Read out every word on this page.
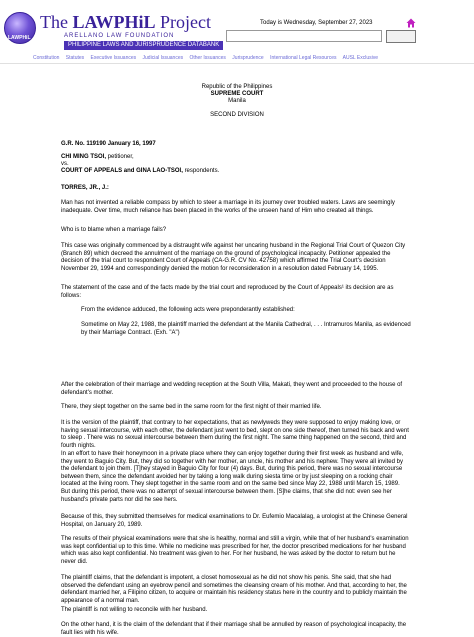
LAWPHiL
The LAWPHiL Project
ARELLANO LAW FOUNDATION
PHILIPPINE LAWS AND JURISPRUDENCE DATABANK
Today is Wednesday, September 27, 2023
Constitution Statutes Executive Issuances Judicial Issuances Other Issuances Jurisprudence International Legal Resources AUSL Exclusive
Republic of the Philippines
SUPREME COURT
Manila
SECOND DIVISION
G.R. No. 119190 January 16, 1997
CHI MING TSOI, petitioner,
vs.
COURT OF APPEALS and GINA LAO-TSOI, respondents.
TORRES, JR., J.:
Man has not invented a reliable compass by which to steer a marriage in its journey over troubled waters. Laws are seemingly inadequate. Over time, much reliance has been placed in the works of the unseen hand of Him who created all things.
Who is to blame when a marriage fails?
This case was originally commenced by a distraught wife against her uncaring husband in the Regional Trial Court of Quezon City (Branch 89) which decreed the annulment of the marriage on the ground of psychological incapacity. Petitioner appealed the decision of the trial court to respondent Court of Appeals (CA-G.R. CV No. 42758) which affirmed the Trial Court's decision November 29, 1994 and correspondingly denied the motion for reconsideration in a resolution dated February 14, 1995.
The statement of the case and of the facts made by the trial court and reproduced by the Court of Appeals¹ its decision are as follows:
From the evidence adduced, the following acts were preponderantly established:
Sometime on May 22, 1988, the plaintiff married the defendant at the Manila Cathedral, . . . Intramuros Manila, as evidenced by their Marriage Contract. (Exh. "A")
After the celebration of their marriage and wedding reception at the South Villa, Makati, they went and proceeded to the house of defendant's mother.
There, they slept together on the same bed in the same room for the first night of their married life.
It is the version of the plaintiff, that contrary to her expectations, that as newlyweds they were supposed to enjoy making love, or having sexual intercourse, with each other, the defendant just went to bed, slept on one side thereof, then turned his back and went to sleep . There was no sexual intercourse between them during the first night. The same thing happened on the second, third and fourth nights.
In an effort to have their honeymoon in a private place where they can enjoy together during their first week as husband and wife, they went to Baguio City. But, they did so together with her mother, an uncle, his mother and his nephew. They were all invited by the defendant to join them. [T]hey stayed in Baguio City for four (4) days. But, during this period, there was no sexual intercourse between them, since the defendant avoided her by taking a long walk during siesta time or by just sleeping on a rocking chair located at the living room. They slept together in the same room and on the same bed since May 22, 1988 until March 15, 1989. But during this period, there was no attempt of sexual intercourse between them. [S]he claims, that she did not: even see her husband's private parts nor did he see hers.
Because of this, they submitted themselves for medical examinations to Dr. Eufemio Macalalag, a urologist at the Chinese General Hospital, on January 20, 1989.
The results of their physical examinations were that she is healthy, normal and still a virgin, while that of her husband's examination was kept confidential up to this time. While no medicine was prescribed for her, the doctor prescribed medications for her husband which was also kept confidential. No treatment was given to her. For her husband, he was asked by the doctor to return but he never did.
The plaintiff claims, that the defendant is impotent, a closet homosexual as he did not show his penis. She said, that she had observed the defendant using an eyebrow pencil and sometimes the cleansing cream of his mother. And that, according to her, the defendant married her, a Filipino citizen, to acquire or maintain his residency status here in the country and to publicly maintain the appearance of a normal man.
The plaintiff is not willing to reconcile with her husband.
On the other hand, it is the claim of the defendant that if their marriage shall be annulled by reason of psychological incapacity, the fault lies with his wife.
